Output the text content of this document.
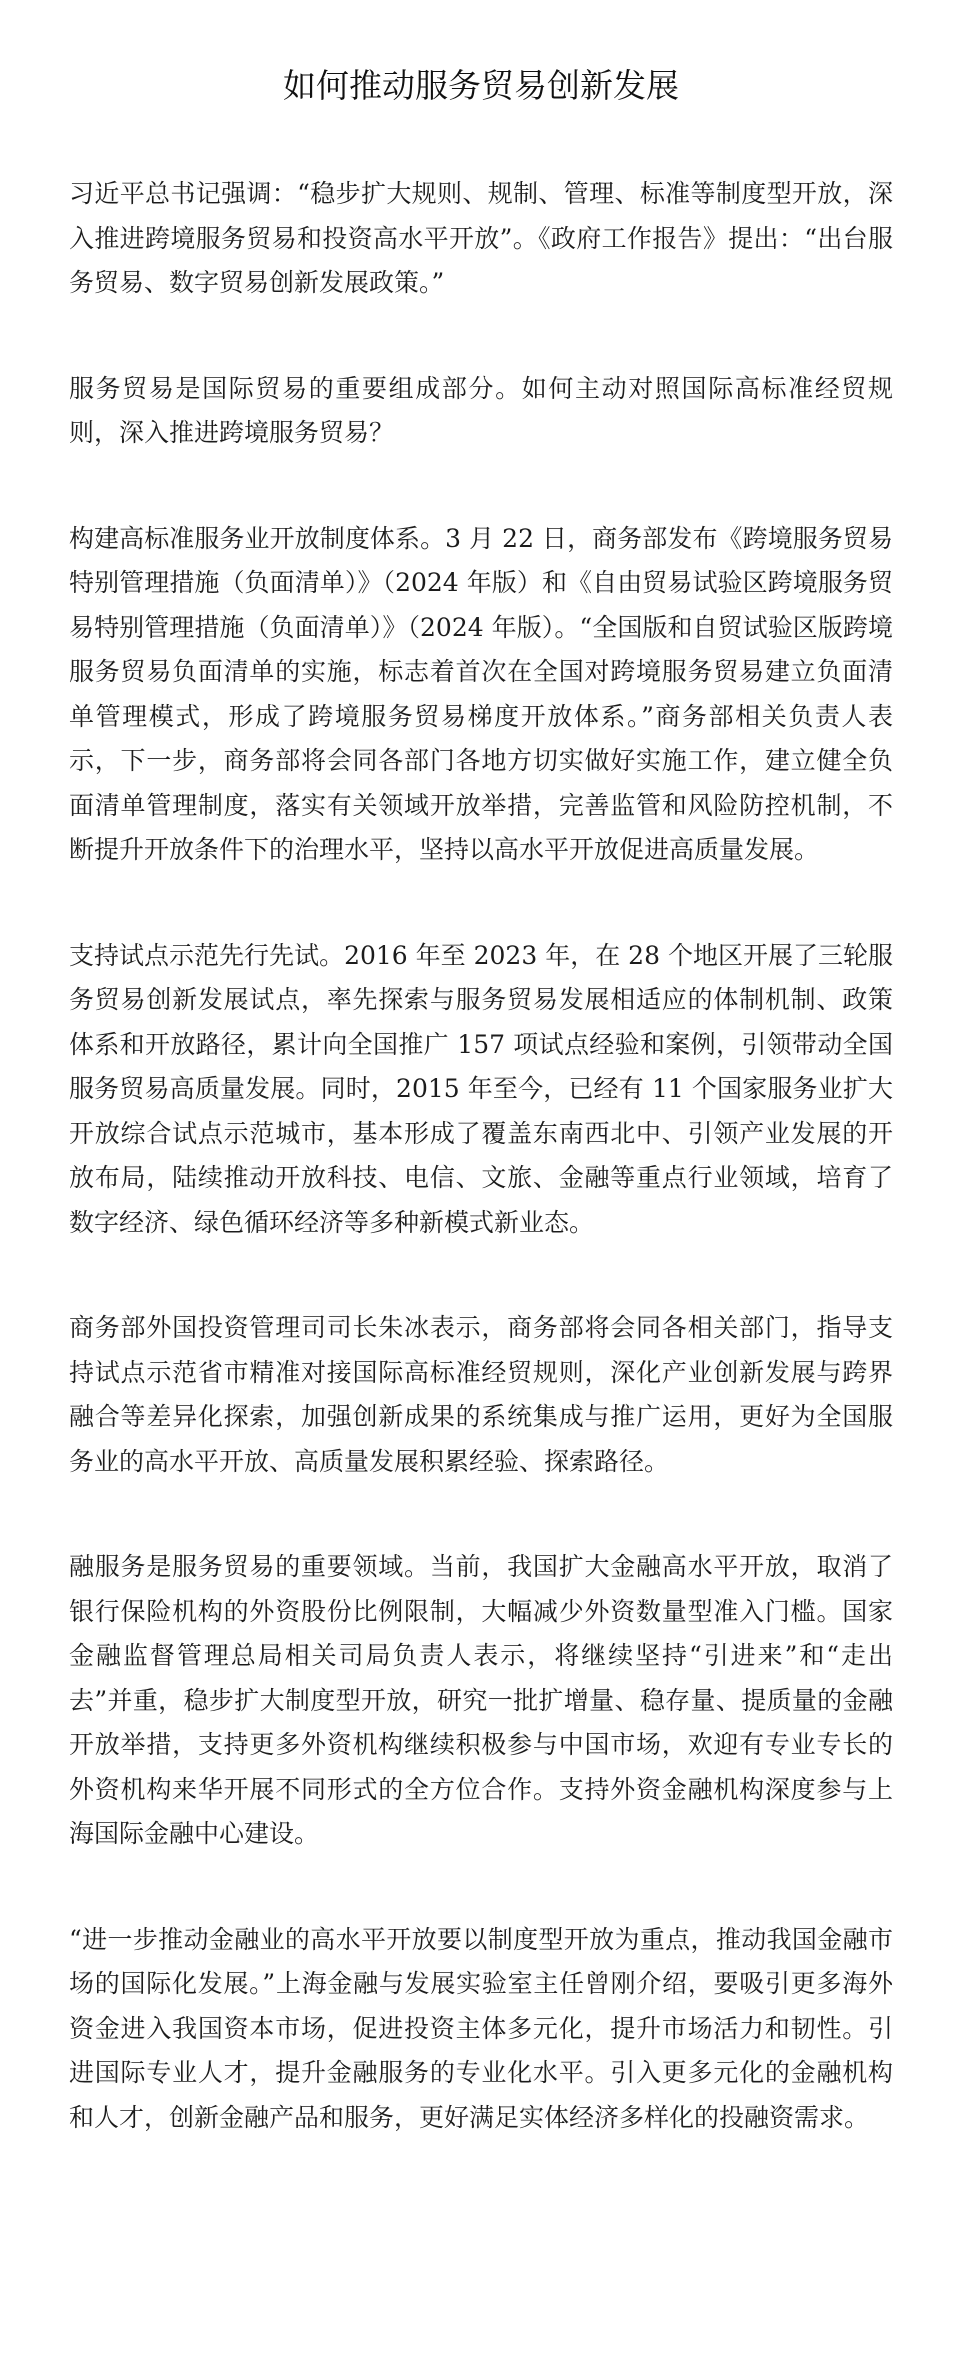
如何推动服务贸易创新发展

习近平总书记强调：“稳步扩大规则、规制、管理、标准等制度型开放，深入推进跨境服务贸易和投资高水平开放”。《政府工作报告》提出：“出台服务贸易、数字贸易创新发展政策。”

服务贸易是国际贸易的重要组成部分。如何主动对照国际高标准经贸规则，深入推进跨境服务贸易？

构建高标准服务业开放制度体系。3 月 22 日，商务部发布《跨境服务贸易特别管理措施（负面清单）》（2024 年版）和《自由贸易试验区跨境服务贸易特别管理措施（负面清单）》（2024 年版）。“全国版和自贸试验区版跨境服务贸易负面清单的实施，标志着首次在全国对跨境服务贸易建立负面清单管理模式，形成了跨境服务贸易梯度开放体系。”商务部相关负责人表示，下一步，商务部将会同各部门各地方切实做好实施工作，建立健全负面清单管理制度，落实有关领域开放举措，完善监管和风险防控机制，不断提升开放条件下的治理水平，坚持以高水平开放促进高质量发展。

支持试点示范先行先试。2016 年至 2023 年，在 28 个地区开展了三轮服务贸易创新发展试点，率先探索与服务贸易发展相适应的体制机制、政策体系和开放路径，累计向全国推广 157 项试点经验和案例，引领带动全国服务贸易高质量发展。同时，2015 年至今，已经有 11 个国家服务业扩大开放综合试点示范城市，基本形成了覆盖东南西北中、引领产业发展的开放布局，陆续推动开放科技、电信、文旅、金融等重点行业领域，培育了数字经济、绿色循环经济等多种新模式新业态。

商务部外国投资管理司司长朱冰表示，商务部将会同各相关部门，指导支持试点示范省市精准对接国际高标准经贸规则，深化产业创新发展与跨界融合等差异化探索，加强创新成果的系统集成与推广运用，更好为全国服务业的高水平开放、高质量发展积累经验、探索路径。

融服务是服务贸易的重要领域。当前，我国扩大金融高水平开放，取消了银行保险机构的外资股份比例限制，大幅减少外资数量型准入门槛。国家金融监督管理总局相关司局负责人表示，将继续坚持“引进来”和“走出去”并重，稳步扩大制度型开放，研究一批扩增量、稳存量、提质量的金融开放举措，支持更多外资机构继续积极参与中国市场，欢迎有专业专长的外资机构来华开展不同形式的全方位合作。支持外资金融机构深度参与上海国际金融中心建设。

“进一步推动金融业的高水平开放要以制度型开放为重点，推动我国金融市场的国际化发展。”上海金融与发展实验室主任曾刚介绍，要吸引更多海外资金进入我国资本市场，促进投资主体多元化，提升市场活力和韧性。引进国际专业人才，提升金融服务的专业化水平。引入更多元化的金融机构和人才，创新金融产品和服务，更好满足实体经济多样化的投融资需求。
